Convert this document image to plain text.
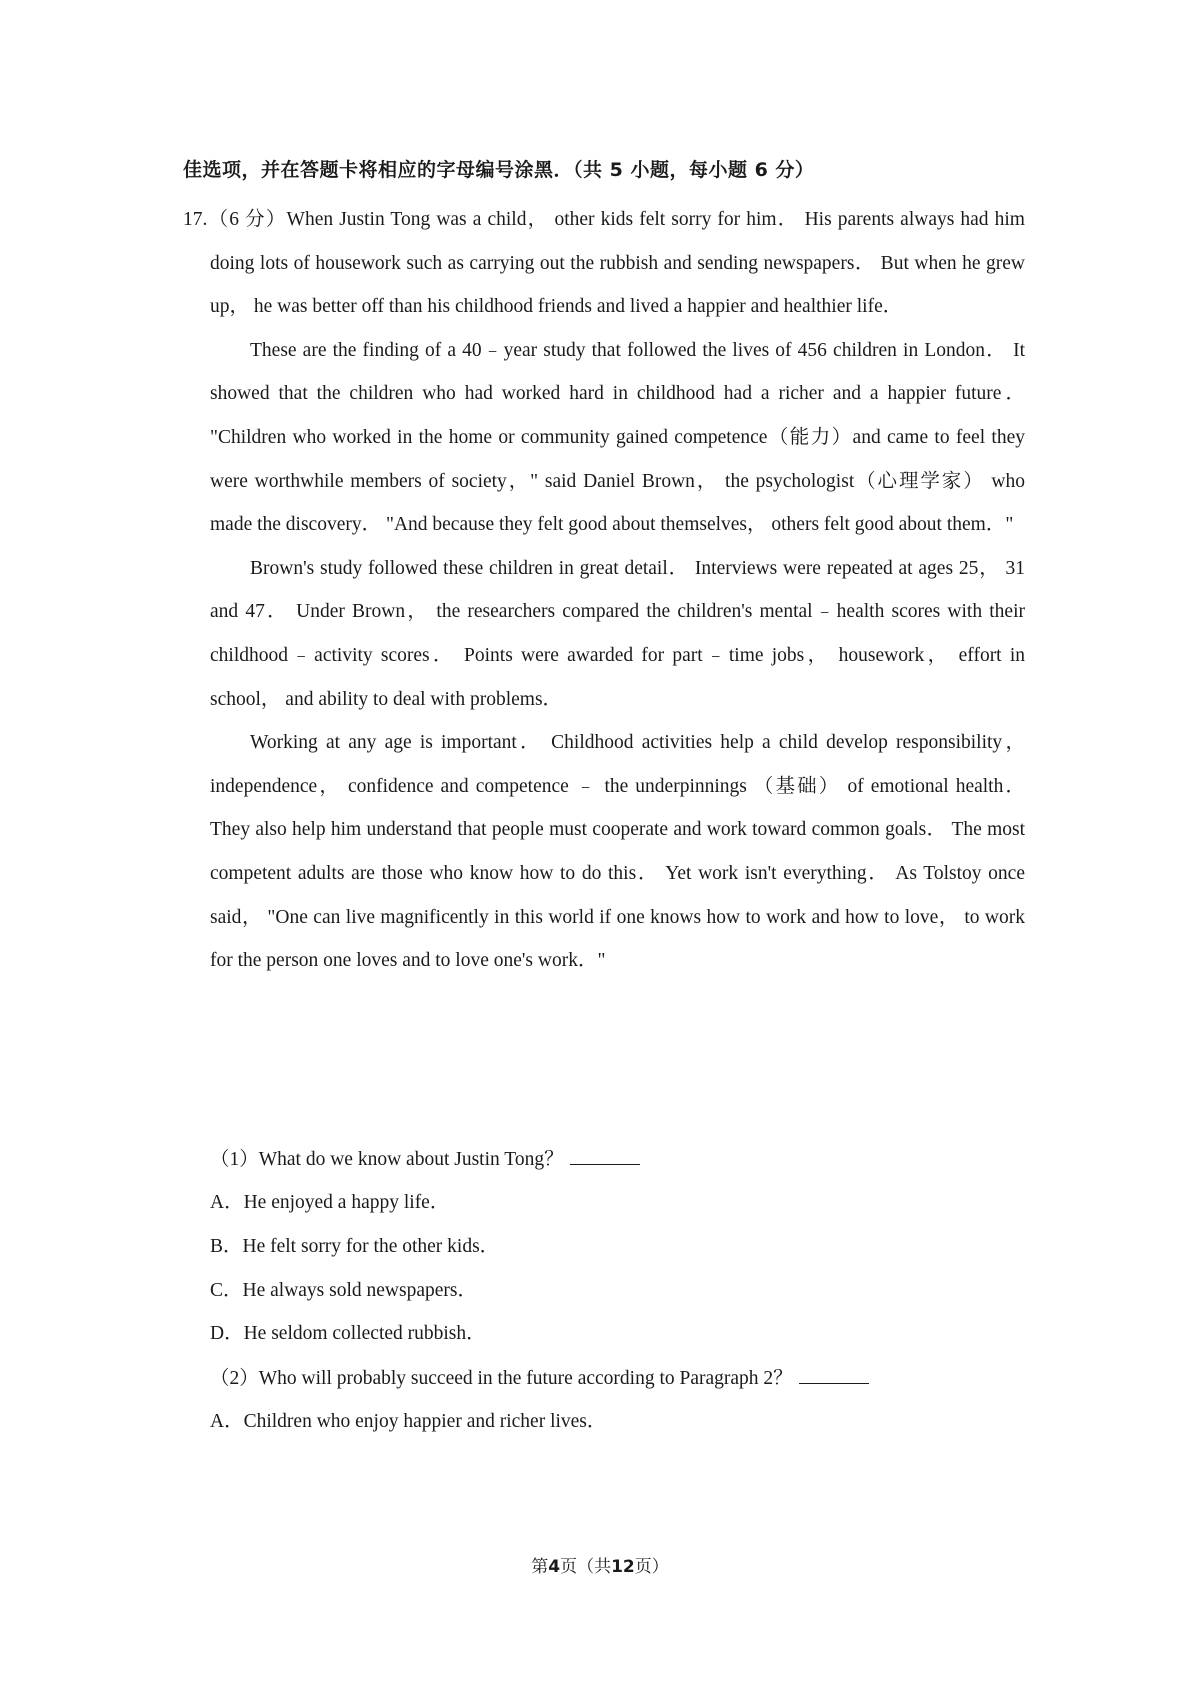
佳选项，并在答题卡将相应的字母编号涂黑．（共 5 小题，每小题 6 分）

17.（6 分）When Justin Tong was a child， other kids felt sorry for him． His parents always had him doing lots of housework such as carrying out the rubbish and sending newspapers． But when he grew up， he was better off than his childhood friends and lived a happier and healthier life．

These are the finding of a 40﹣year study that followed the lives of 456 children in London． It showed that the children who had worked hard in childhood had a richer and a happier future． "Children who worked in the home or community gained competence（能力）and came to feel they were worthwhile members of society，" said Daniel Brown， the psychologist（心理学家） who made the discovery． "And because they felt good about themselves， others felt good about them．"

Brown's study followed these children in great detail． Interviews were repeated at ages 25， 31 and 47． Under Brown， the researchers compared the children's mental﹣health scores with their childhood﹣activity scores． Points were awarded for part﹣time jobs， housework， effort in school， and ability to deal with problems．

Working at any age is important． Childhood activities help a child develop responsibility， independence， confidence and competence ﹣ the underpinnings （基础） of emotional health． They also help him understand that people must cooperate and work toward common goals． The most competent adults are those who know how to do this． Yet work isn't everything． As Tolstoy once said， "One can live magnificently in this world if one knows how to work and how to love， to work for the person one loves and to love one's work．"

（1）What do we know about Justin Tong？
A．He enjoyed a happy life．
B．He felt sorry for the other kids．
C．He always sold newspapers．
D．He seldom collected rubbish．
（2）Who will probably succeed in the future according to Paragraph 2？
A．Children who enjoy happier and richer lives．
第4页（共12页）
